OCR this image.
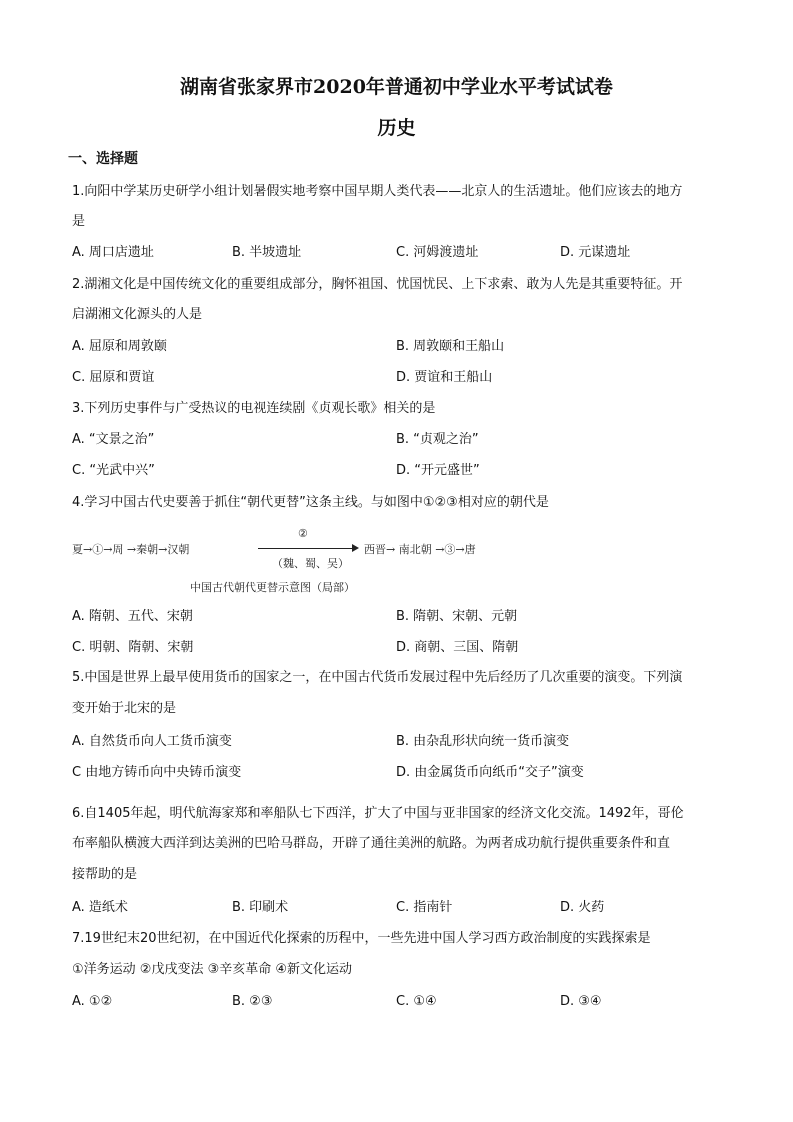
湖南省张家界市2020年普通初中学业水平考试试卷
历史
一、选择题
1.向阳中学某历史研学小组计划暑假实地考察中国早期人类代表——北京人的生活遗址。他们应该去的地方
是
A. 周口店遗址	B. 半坡遗址	C. 河姆渡遗址	D. 元谋遗址
2.湖湘文化是中国传统文化的重要组成部分，胸怀祖国、忧国忧民、上下求索、敢为人先是其重要特征。开
启湖湘文化源头的人是
A. 屈原和周敦颐	B. 周敦颐和王船山
C. 屈原和贾谊	D. 贾谊和王船山
3.下列历史事件与广受热议的电视连续剧《贞观长歌》相关的是
A. “文景之治”	B. “贞观之治”
C. “光武中兴”	D. “开元盛世”
4.学习中国古代史要善于抓住“朝代更替”这条主线。与如图中①②③相对应的朝代是
夏→①→周 →秦朝→汉朝
②
（魏、蜀、吴）
西晋→ 南北朝 →③→唐
中国古代朝代更替示意图（局部）
A. 隋朝、五代、宋朝	B. 隋朝、宋朝、元朝
C. 明朝、隋朝、宋朝	D. 商朝、三国、隋朝
5.中国是世界上最早使用货币的国家之一，在中国古代货币发展过程中先后经历了几次重要的演变。下列演
变开始于北宋的是
A. 自然货币向人工货币演变	B. 由杂乱形状向统一货币演变
C 由地方铸币向中央铸币演变	D. 由金属货币向纸币“交子”演变
6.自1405年起，明代航海家郑和率船队七下西洋，扩大了中国与亚非国家的经济文化交流。1492年，哥伦
布率船队横渡大西洋到达美洲的巴哈马群岛，开辟了通往美洲的航路。为两者成功航行提供重要条件和直
接帮助的是
A. 造纸术	B. 印刷术	C. 指南针	D. 火药
7.19世纪末20世纪初，在中国近代化探索的历程中，一些先进中国人学习西方政治制度的实践探索是
①洋务运动 ②戊戌变法 ③辛亥革命 ④新文化运动
A. ①②	B. ②③	C. ①④	D. ③④
